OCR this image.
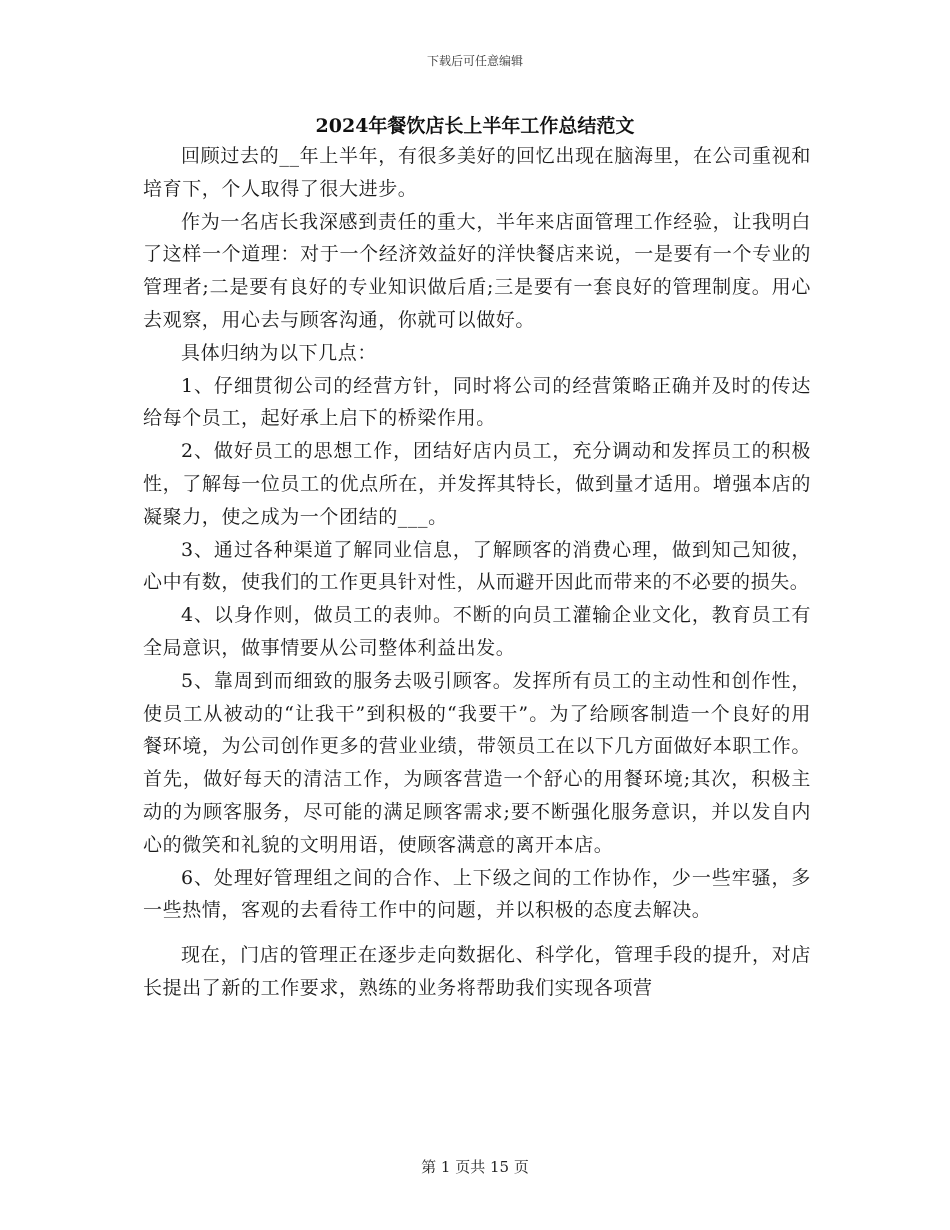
下载后可任意编辑
2024年餐饮店长上半年工作总结范文

回顾过去的__年上半年，有很多美好的回忆出现在脑海里，在公司重视和培育下，个人取得了很大进步。

作为一名店长我深感到责任的重大，半年来店面管理工作经验，让我明白了这样一个道理：对于一个经济效益好的洋快餐店来说，一是要有一个专业的管理者;二是要有良好的专业知识做后盾;三是要有一套良好的管理制度。用心去观察，用心去与顾客沟通，你就可以做好。

具体归纳为以下几点：

1、仔细贯彻公司的经营方针，同时将公司的经营策略正确并及时的传达给每个员工，起好承上启下的桥梁作用。

2、做好员工的思想工作，团结好店内员工，充分调动和发挥员工的积极性，了解每一位员工的优点所在，并发挥其特长，做到量才适用。增强本店的凝聚力，使之成为一个团结的___。

3、通过各种渠道了解同业信息，了解顾客的消费心理，做到知己知彼，心中有数，使我们的工作更具针对性，从而避开因此而带来的不必要的损失。

4、以身作则，做员工的表帅。不断的向员工灌输企业文化，教育员工有全局意识，做事情要从公司整体利益出发。

5、靠周到而细致的服务去吸引顾客。发挥所有员工的主动性和创作性，使员工从被动的“让我干”到积极的“我要干”。为了给顾客制造一个良好的用餐环境，为公司创作更多的营业业绩，带领员工在以下几方面做好本职工作。首先，做好每天的清洁工作，为顾客营造一个舒心的用餐环境;其次，积极主动的为顾客服务，尽可能的满足顾客需求;要不断强化服务意识，并以发自内心的微笑和礼貌的文明用语，使顾客满意的离开本店。

6、处理好管理组之间的合作、上下级之间的工作协作，少一些牢骚，多一些热情，客观的去看待工作中的问题，并以积极的态度去解决。

现在，门店的管理正在逐步走向数据化、科学化，管理手段的提升，对店长提出了新的工作要求，熟练的业务将帮助我们实现各项营

第 1 页共 15 页
